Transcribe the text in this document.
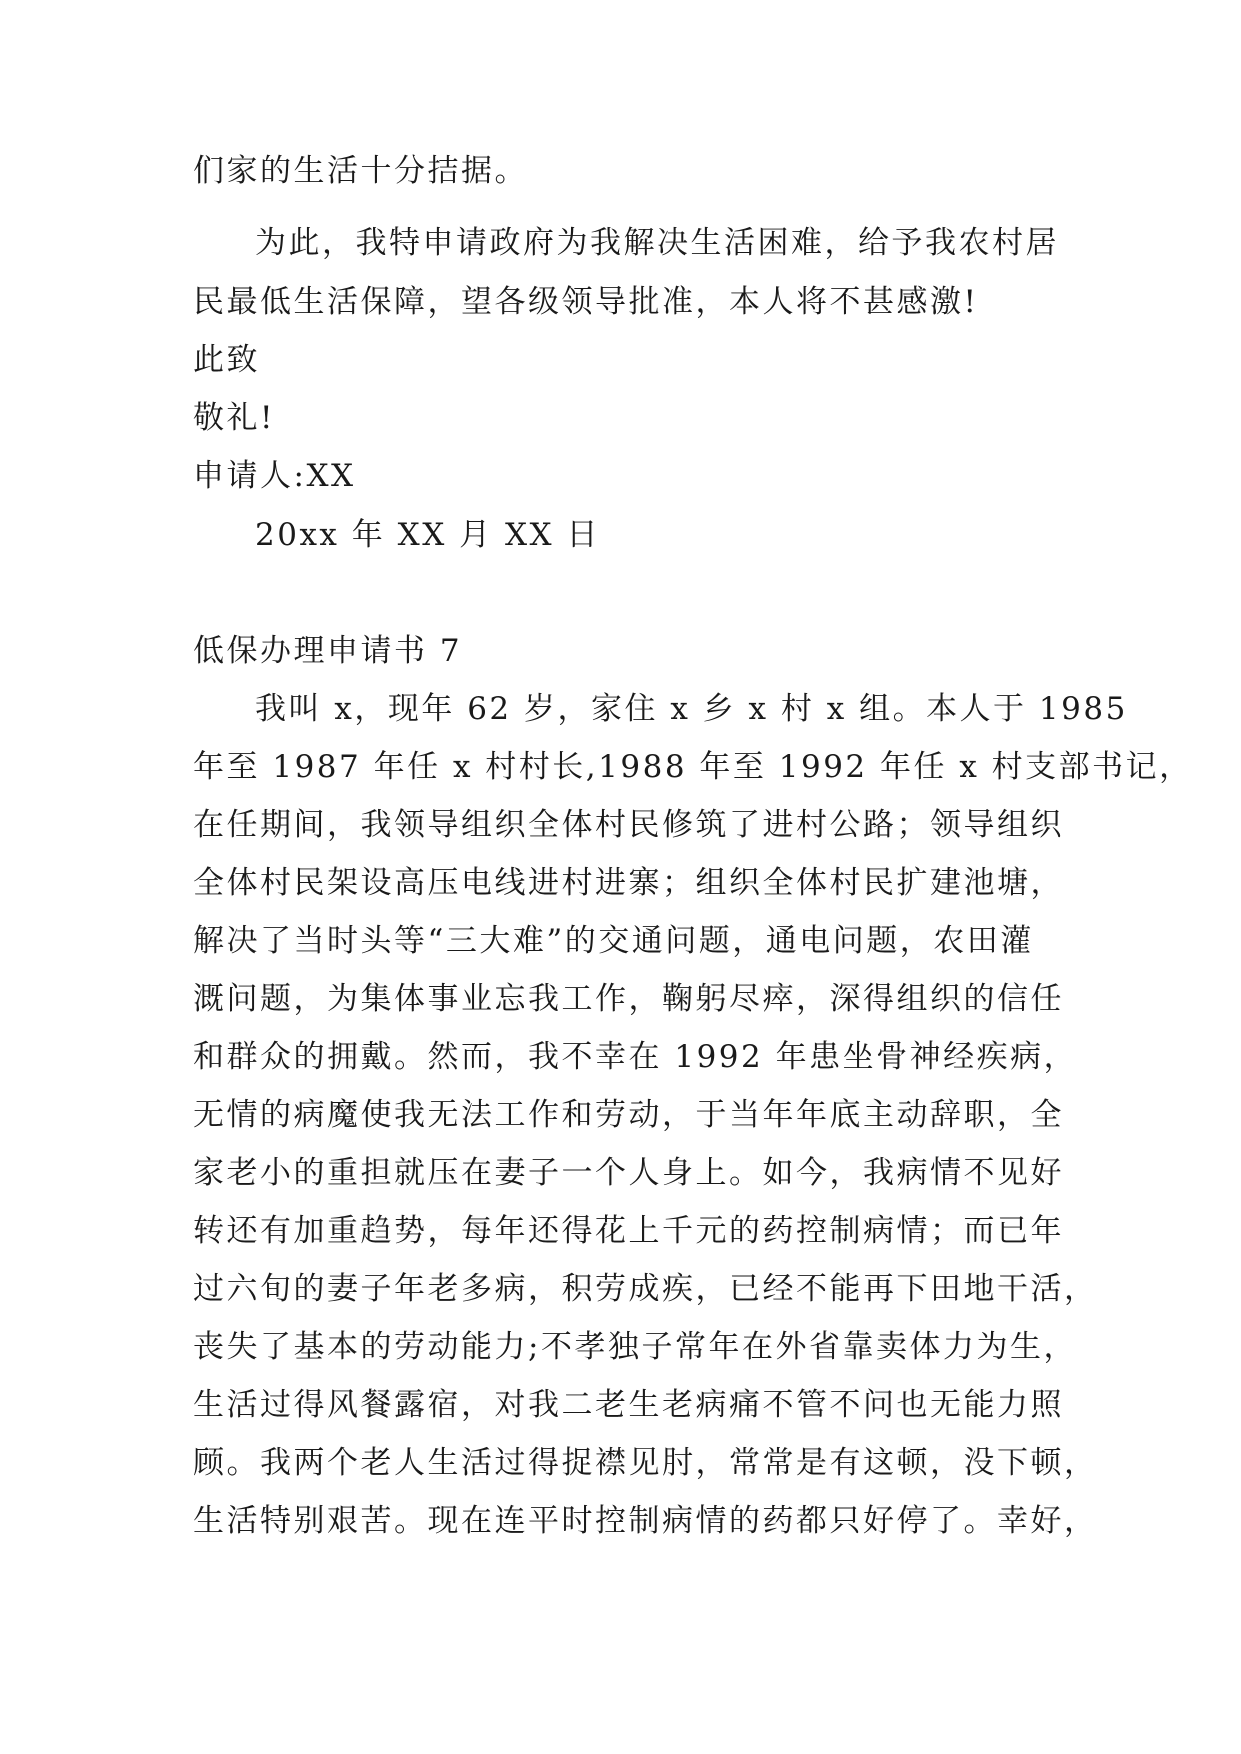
们家的生活十分拮据。
为此，我特申请政府为我解决生活困难，给予我农村居
民最低生活保障，望各级领导批准，本人将不甚感激!
此致
敬礼!
申请人:XX
20xx 年 XX 月 XX 日
低保办理申请书 7
我叫 x，现年 62 岁，家住 x 乡 x 村 x 组。本人于 1985
年至 1987 年任 x 村村长,1988 年至 1992 年任 x 村支部书记，
在任期间，我领导组织全体村民修筑了进村公路；领导组织
全体村民架设高压电线进村进寨；组织全体村民扩建池塘，
解决了当时头等“三大难”的交通问题，通电问题，农田灌
溉问题，为集体事业忘我工作，鞠躬尽瘁，深得组织的信任
和群众的拥戴。然而，我不幸在 1992 年患坐骨神经疾病，
无情的病魔使我无法工作和劳动，于当年年底主动辞职，全
家老小的重担就压在妻子一个人身上。如今，我病情不见好
转还有加重趋势，每年还得花上千元的药控制病情；而已年
过六旬的妻子年老多病，积劳成疾，已经不能再下田地干活，
丧失了基本的劳动能力;不孝独子常年在外省靠卖体力为生，
生活过得风餐露宿，对我二老生老病痛不管不问也无能力照
顾。我两个老人生活过得捉襟见肘，常常是有这顿，没下顿，
生活特别艰苦。现在连平时控制病情的药都只好停了。幸好，
